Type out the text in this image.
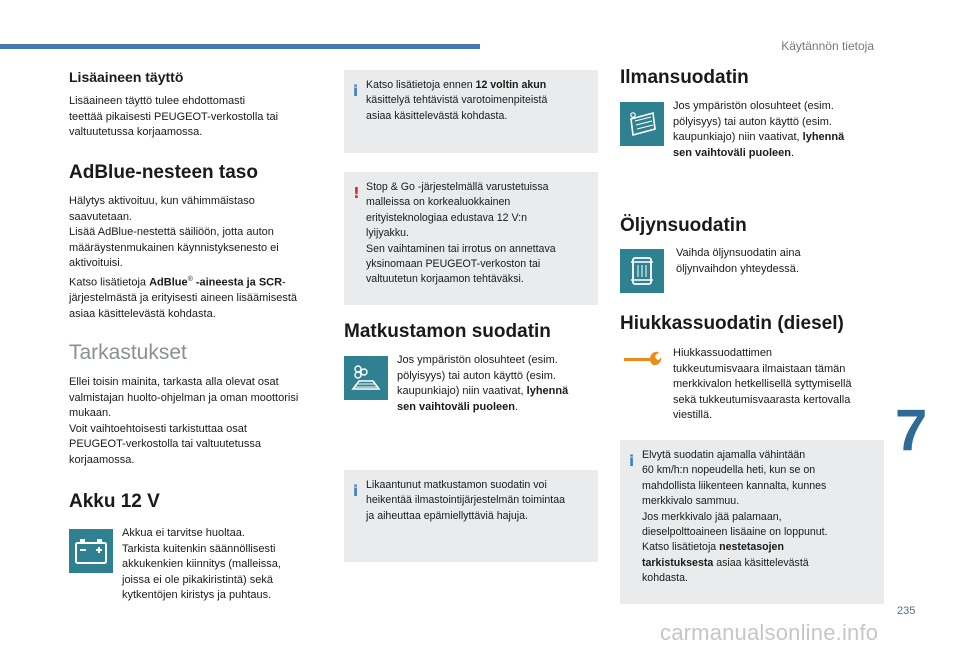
Käytännön tietoja
7
235
carmanualsonline.info
Lisäaineen täyttö
Lisäaineen täyttö tulee ehdottomasti
teettää pikaisesti PEUGEOT-verkostolla tai
valtuutetussa korjaamossa.
AdBlue-nesteen taso
Hälytys aktivoituu, kun vähimmäistaso
saavutetaan.
Lisää AdBlue-nestettä säiliöön, jotta auton
määräystenmukainen käynnistyksenesto ei
aktivoituisi.
Katso lisätietoja AdBlue® -aineesta ja SCR-
järjestelmästä ja erityisesti aineen lisäämisestä
asiaa käsittelevästä kohdasta.
Tarkastukset
Ellei toisin mainita, tarkasta alla olevat osat
valmistajan huolto-ohjelman ja oman moottorisi
mukaan.
Voit vaihtoehtoisesti tarkistuttaa osat
PEUGEOT-verkostolla tai valtuutetussa
korjaamossa.
Akku 12 V
Akkua ei tarvitse huoltaa.
Tarkista kuitenkin säännöllisesti
akkukenkien kiinnitys (malleissa,
joissa ei ole pikakiristintä) sekä
kytkentöjen kiristys ja puhtaus.
i Katso lisätietoja ennen 12 voltin akun
käsittelyä tehtävistä varotoimenpiteistä
asiaa käsittelevästä kohdasta.
! Stop & Go -järjestelmällä varustetuissa
malleissa on korkealuokkainen
erityisteknologiaa edustava 12 V:n
lyijyakku.
Sen vaihtaminen tai irrotus on annettava
yksinomaan PEUGEOT-verkoston tai
valtuutetun korjaamon tehtäväksi.
Matkustamon suodatin
Jos ympäristön olosuhteet (esim.
pölyisyys) tai auton käyttö (esim.
kaupunkiajo) niin vaativat, lyhennä
sen vaihtoväli puoleen.
i Likaantunut matkustamon suodatin voi
heikentää ilmastointijärjestelmän toimintaa
ja aiheuttaa epämiellyttäviä hajuja.
Ilmansuodatin
Jos ympäristön olosuhteet (esim.
pölyisyys) tai auton käyttö (esim.
kaupunkiajo) niin vaativat, lyhennä
sen vaihtoväli puoleen.
Öljynsuodatin
Vaihda öljynsuodatin aina
öljynvaihdon yhteydessä.
Hiukkassuodatin (diesel)
Hiukkassuodattimen
tukkeutumisvaara ilmaistaan tämän
merkkivalon hetkellisellä syttymisellä
sekä tukkeutumisvaarasta kertovalla
viestillä.
i Elvytä suodatin ajamalla vähintään
60 km/h:n nopeudella heti, kun se on
mahdollista liikenteen kannalta, kunnes
merkkivalo sammuu.
Jos merkkivalo jää palamaan,
dieselpolttoaineen lisäaine on loppunut.
Katso lisätietoja nestetasojen
tarkistuksesta asiaa käsittelevästä
kohdasta.
